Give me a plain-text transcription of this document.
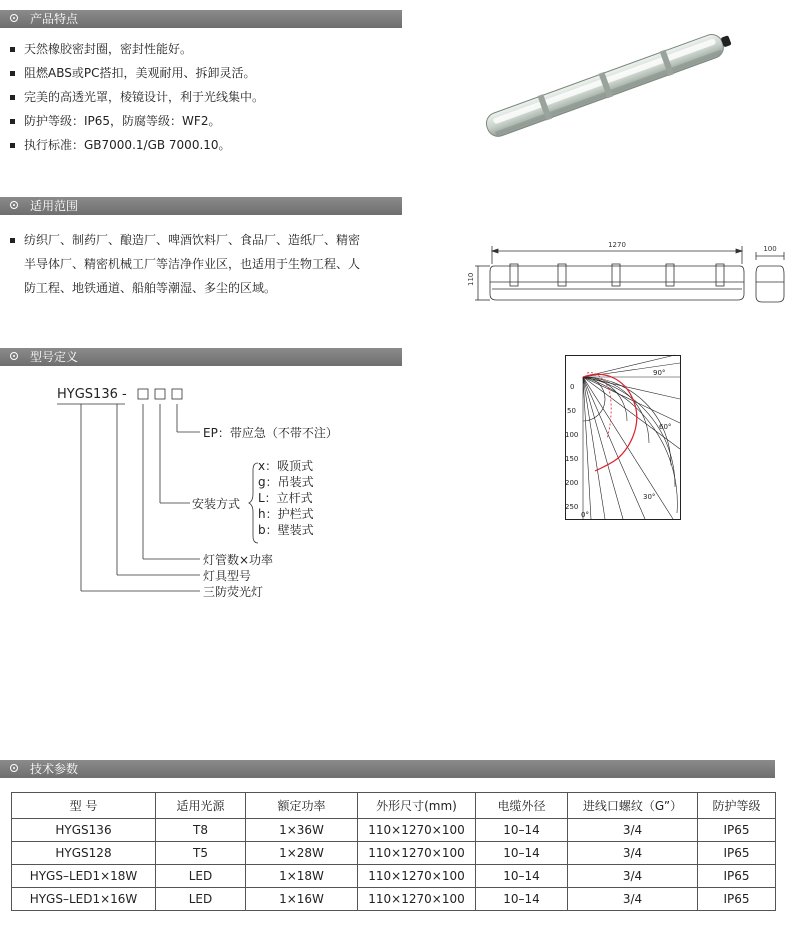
产品特点
适用范围
型号定义
技术参数
天然橡胶密封圈，密封性能好。
阻燃ABS或PC搭扣，美观耐用、拆卸灵活。
完美的高透光罩，棱镜设计，利于光线集中。
防护等级：IP65，防腐等级：WF2。
执行标准：GB7000.1/GB 7000.10。
纺织厂、制药厂、酿造厂、啤酒饮料厂、食品厂、造纸厂、精密
半导体厂、精密机械工厂等洁净作业区，也适用于生物工程、人
防工程、地铁通道、船舶等潮湿、多尘的区域。
1270
110
100
0
50
100
150
200
250
90°
60°
30°
0°
HYGS136 -
EP：带应急（不带不注）
安装方式
x：吸顶式
g：吊装式
L：立杆式
h：护栏式
b：壁装式
灯管数×功率
灯具型号
三防荧光灯
型 号	适用光源	额定功率	外形尺寸(mm)	电缆外径	进线口螺纹（G”）	防护等级
HYGS136	T8	1×36W	110×1270×100	10–14	3/4	IP65
HYGS128	T5	1×28W	110×1270×100	10–14	3/4	IP65
HYGS–LED1×18W	LED	1×18W	110×1270×100	10–14	3/4	IP65
HYGS–LED1×16W	LED	1×16W	110×1270×100	10–14	3/4	IP65
